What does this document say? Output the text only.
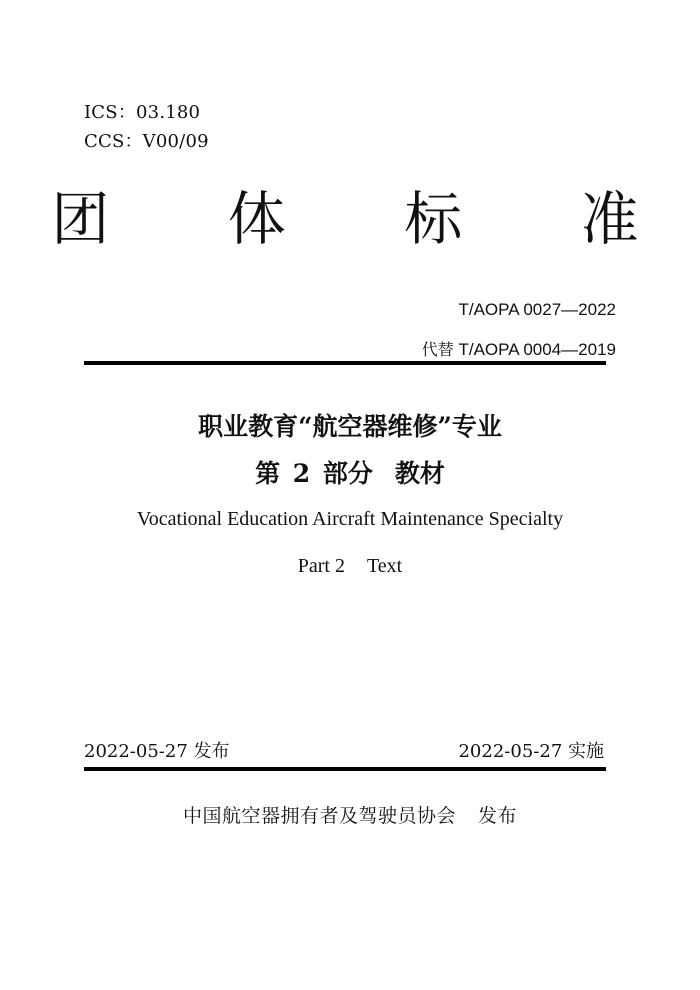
ICS：03.180
CCS：V00/09
团 体 标 准
T/AOPA 0027—2022
代替 T/AOPA 0004—2019
职业教育“航空器维修”专业
第 2 部分 教材
Vocational Education Aircraft Maintenance Specialty
Part 2 Text
2022-05-27 发布	2022-05-27 实施
中国航空器拥有者及驾驶员协会 发布
